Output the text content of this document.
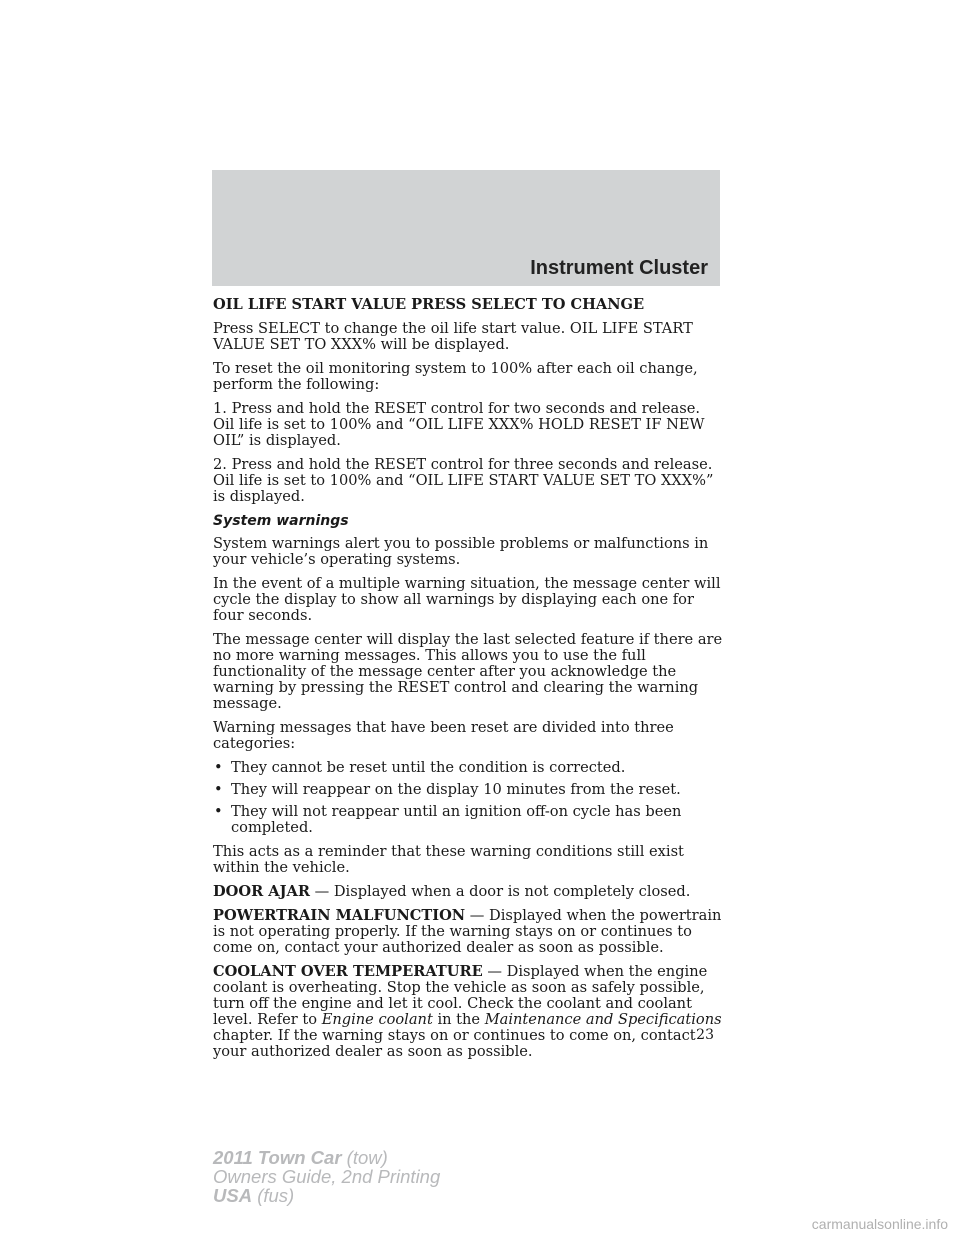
Instrument Cluster

OIL LIFE START VALUE PRESS SELECT TO CHANGE

Press SELECT to change the oil life start value. OIL LIFE START VALUE SET TO XXX% will be displayed.

To reset the oil monitoring system to 100% after each oil change, perform the following:

1. Press and hold the RESET control for two seconds and release. Oil life is set to 100% and “OIL LIFE XXX% HOLD RESET IF NEW OIL” is displayed.

2. Press and hold the RESET control for three seconds and release. Oil life is set to 100% and “OIL LIFE START VALUE SET TO XXX%” is displayed.

System warnings

System warnings alert you to possible problems or malfunctions in your vehicle’s operating systems.

In the event of a multiple warning situation, the message center will cycle the display to show all warnings by displaying each one for four seconds.

The message center will display the last selected feature if there are no more warning messages. This allows you to use the full functionality of the message center after you acknowledge the warning by pressing the RESET control and clearing the warning message.

Warning messages that have been reset are divided into three categories:

• They cannot be reset until the condition is corrected.
• They will reappear on the display 10 minutes from the reset.
• They will not reappear until an ignition off-on cycle has been completed.

This acts as a reminder that these warning conditions still exist within the vehicle.

DOOR AJAR — Displayed when a door is not completely closed.

POWERTRAIN MALFUNCTION — Displayed when the powertrain is not operating properly. If the warning stays on or continues to come on, contact your authorized dealer as soon as possible.

COOLANT OVER TEMPERATURE — Displayed when the engine coolant is overheating. Stop the vehicle as soon as safely possible, turn off the engine and let it cool. Check the coolant and coolant level. Refer to Engine coolant in the Maintenance and Specifications chapter. If the warning stays on or continues to come on, contact your authorized dealer as soon as possible.

23
2011 Town Car (tow)
Owners Guide, 2nd Printing
USA (fus)
carmanualsonline.info
